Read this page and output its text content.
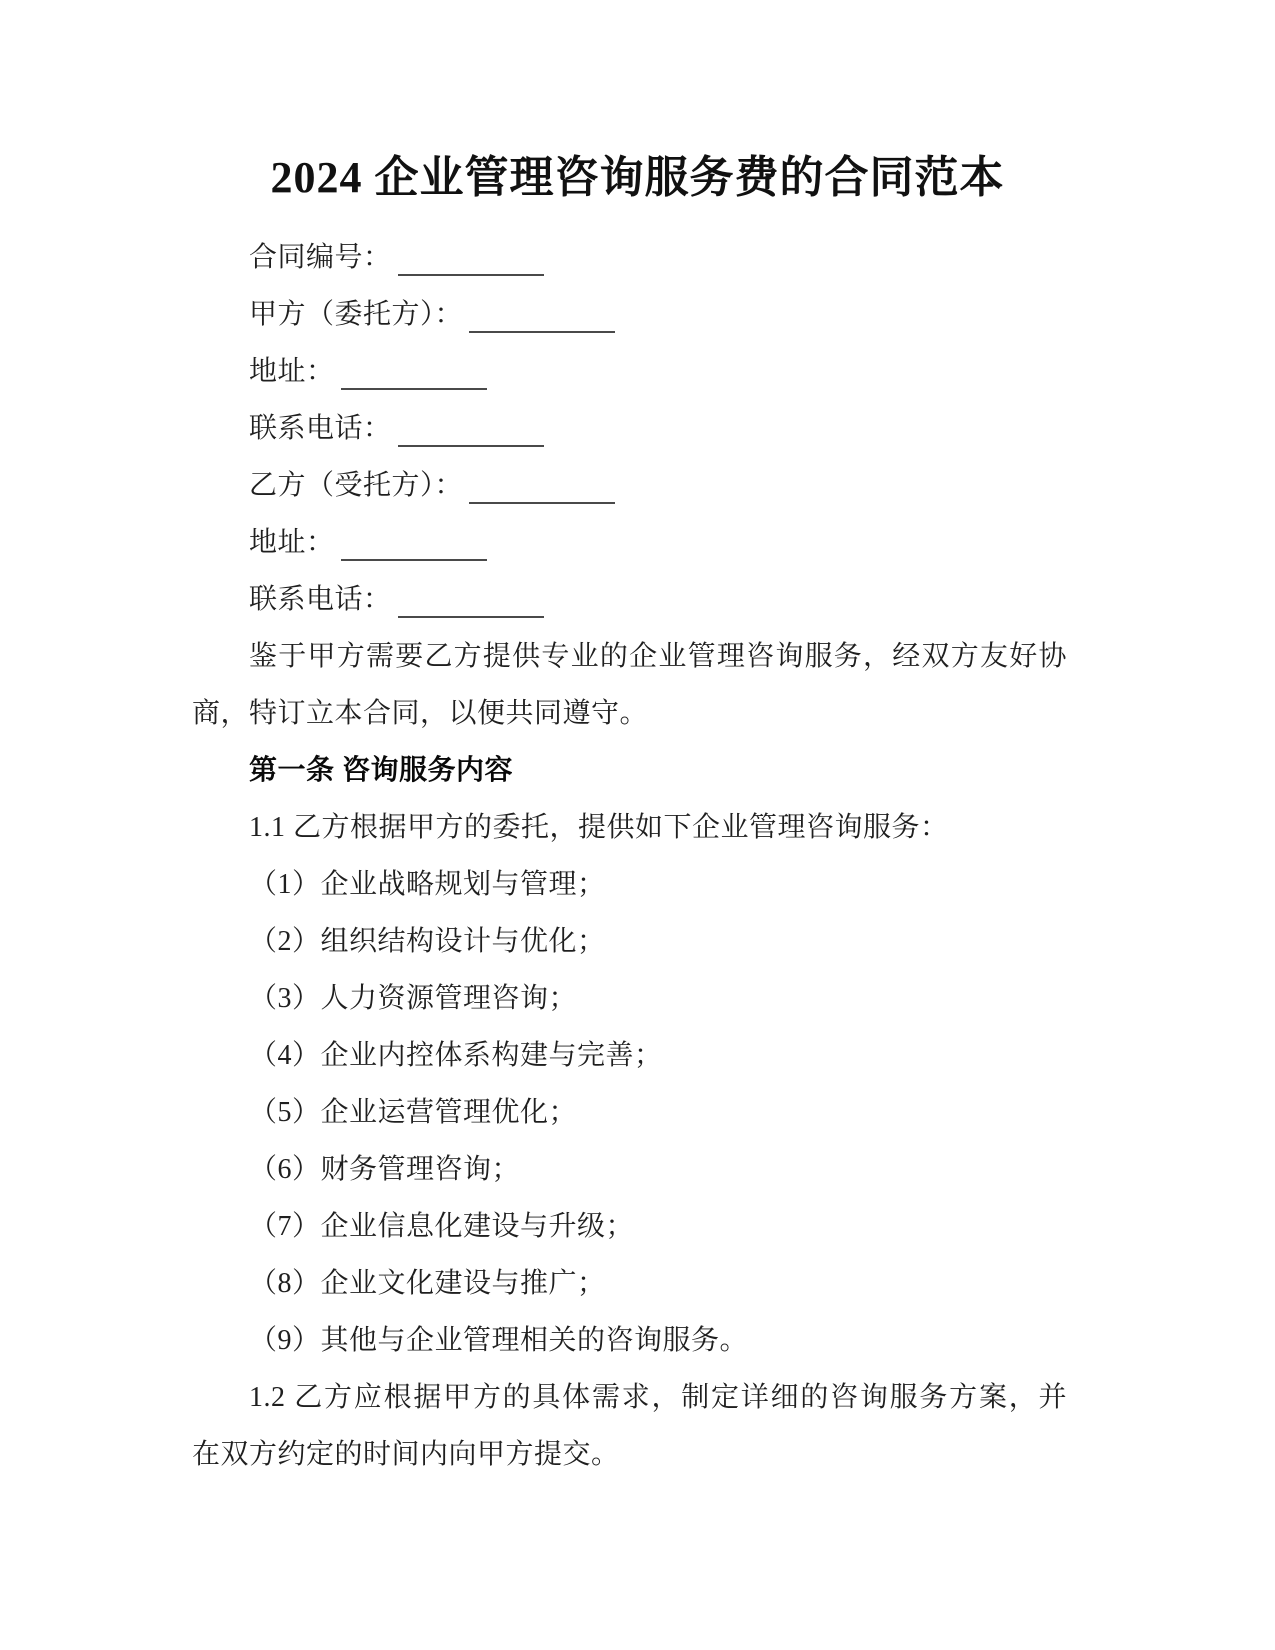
2024 企业管理咨询服务费的合同范本

合同编号：

甲方（委托方）：

地址：

联系电话：

乙方（受托方）：

地址：

联系电话：

鉴于甲方需要乙方提供专业的企业管理咨询服务，经双方友好协

商，特订立本合同，以便共同遵守。

第一条 咨询服务内容

1.1 乙方根据甲方的委托，提供如下企业管理咨询服务：

（1）企业战略规划与管理；

（2）组织结构设计与优化；

（3）人力资源管理咨询；

（4）企业内控体系构建与完善；

（5）企业运营管理优化；

（6）财务管理咨询；

（7）企业信息化建设与升级；

（8）企业文化建设与推广；

（9）其他与企业管理相关的咨询服务。

1.2 乙方应根据甲方的具体需求，制定详细的咨询服务方案，并

在双方约定的时间内向甲方提交。
